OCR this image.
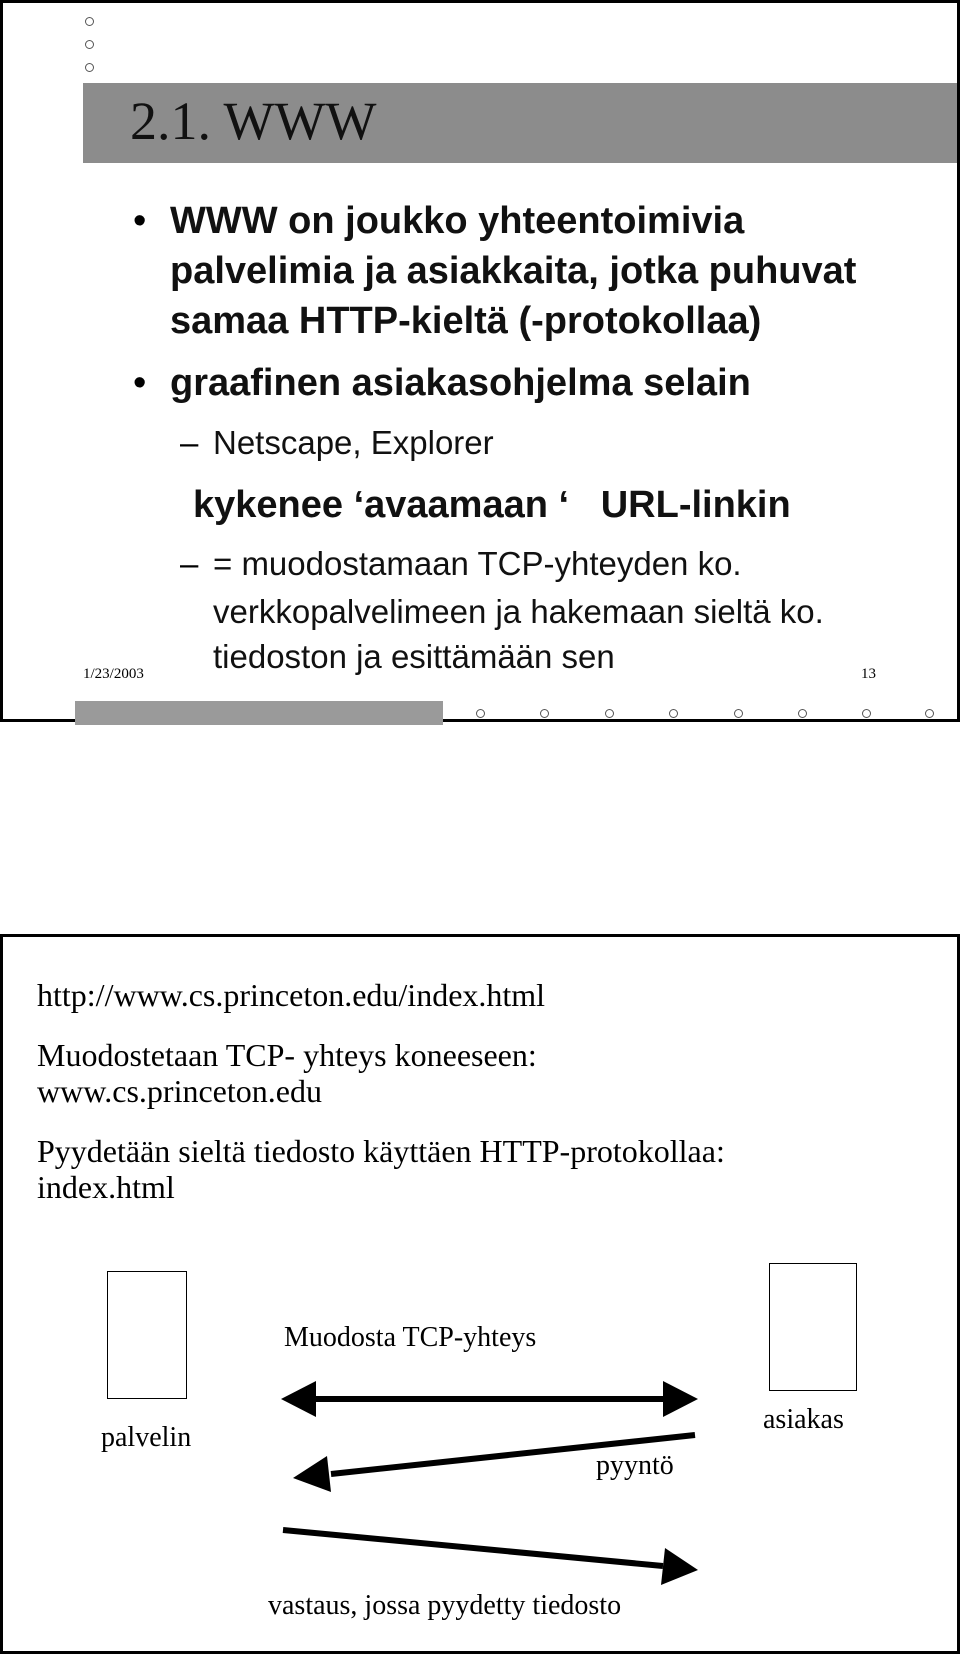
2.1. WWW
• WWW on joukko yhteentoimivia
palvelimia ja asiakkaita, jotka puhuvat
samaa HTTP-kieltä (-protokollaa)
• graafinen asiakasohjelma selain
– Netscape, Explorer
kykenee ‘avaamaan ‘   URL-linkin
– = muodostamaan TCP-yhteyden ko.
verkkopalvelimeen ja hakemaan sieltä ko.
tiedoston ja esittämään sen
1/23/2003	13
http://www.cs.princeton.edu/index.html
Muodostetaan TCP- yhteys koneeseen:
www.cs.princeton.edu
Pyydetään sieltä tiedosto käyttäen HTTP-protokollaa:
index.html
palvelin
asiakas
Muodosta TCP-yhteys
pyyntö
vastaus, jossa pyydetty tiedosto
